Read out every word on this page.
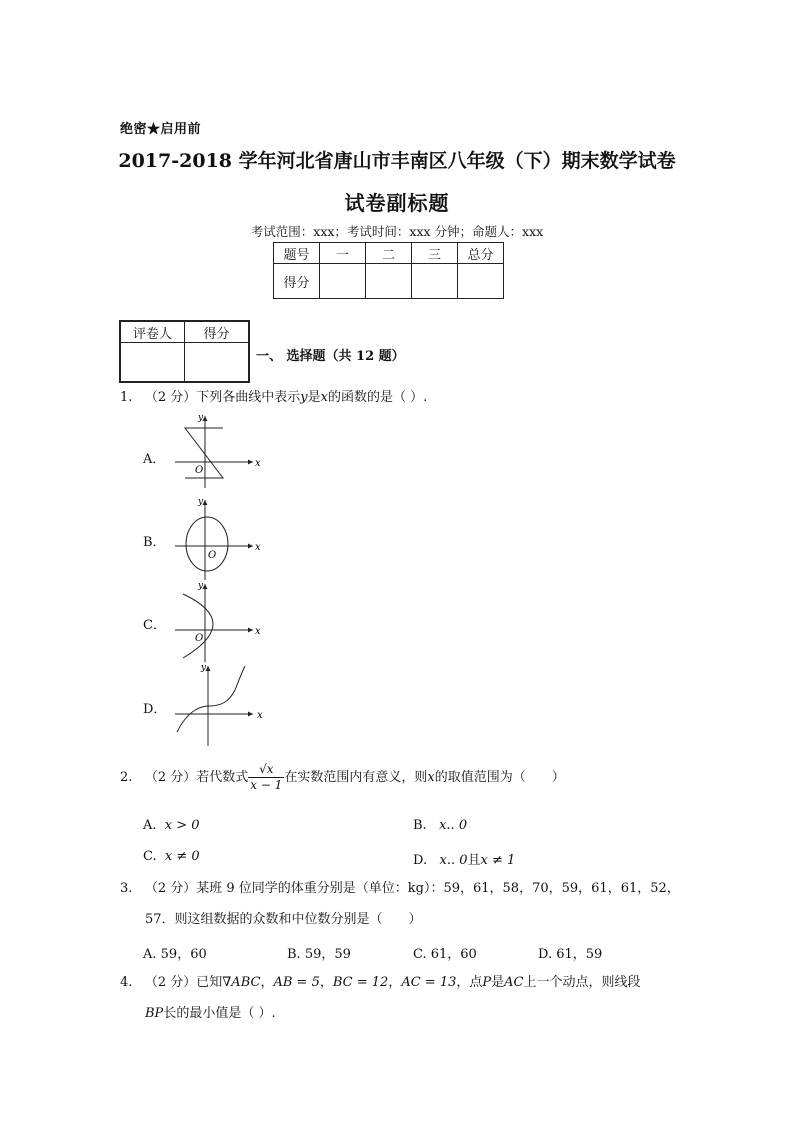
绝密★启用前
2017-2018 学年河北省唐山市丰南区八年级（下）期末数学试卷
试卷副标题
考试范围：xxx；考试时间：xxx 分钟；命题人：xxx
题号	一	二	三	总分
得分				
评卷人	得分

一、 选择题（共 12 题）
1. （2 分）下列各曲线中表示y是x的函数的是（ ）.
A．
O
x
y
B．
O
x
y
C．
O
x
y
D．	x
y
2. （2 分）若代数式 $\frac{√x}{x - 1}$ 在实数范围内有意义，则x的取值范围为（　　）
A. x > 0	B. x.. 0
C. x ≠ 0	D. x.. 0且x ≠ 1
3. （2 分）某班 9 位同学的体重分别是（单位：kg）：59，61，58，70，59，61，61，52，
57．则这组数据的众数和中位数分别是（　　）
A. 59，60	B. 59，59	C. 61，60	D. 61，59
4. （2 分）已知∇ABC，AB = 5，BC = 12，AC = 13，点P是AC上一个动点，则线段
BP长的最小值是（ ）.
